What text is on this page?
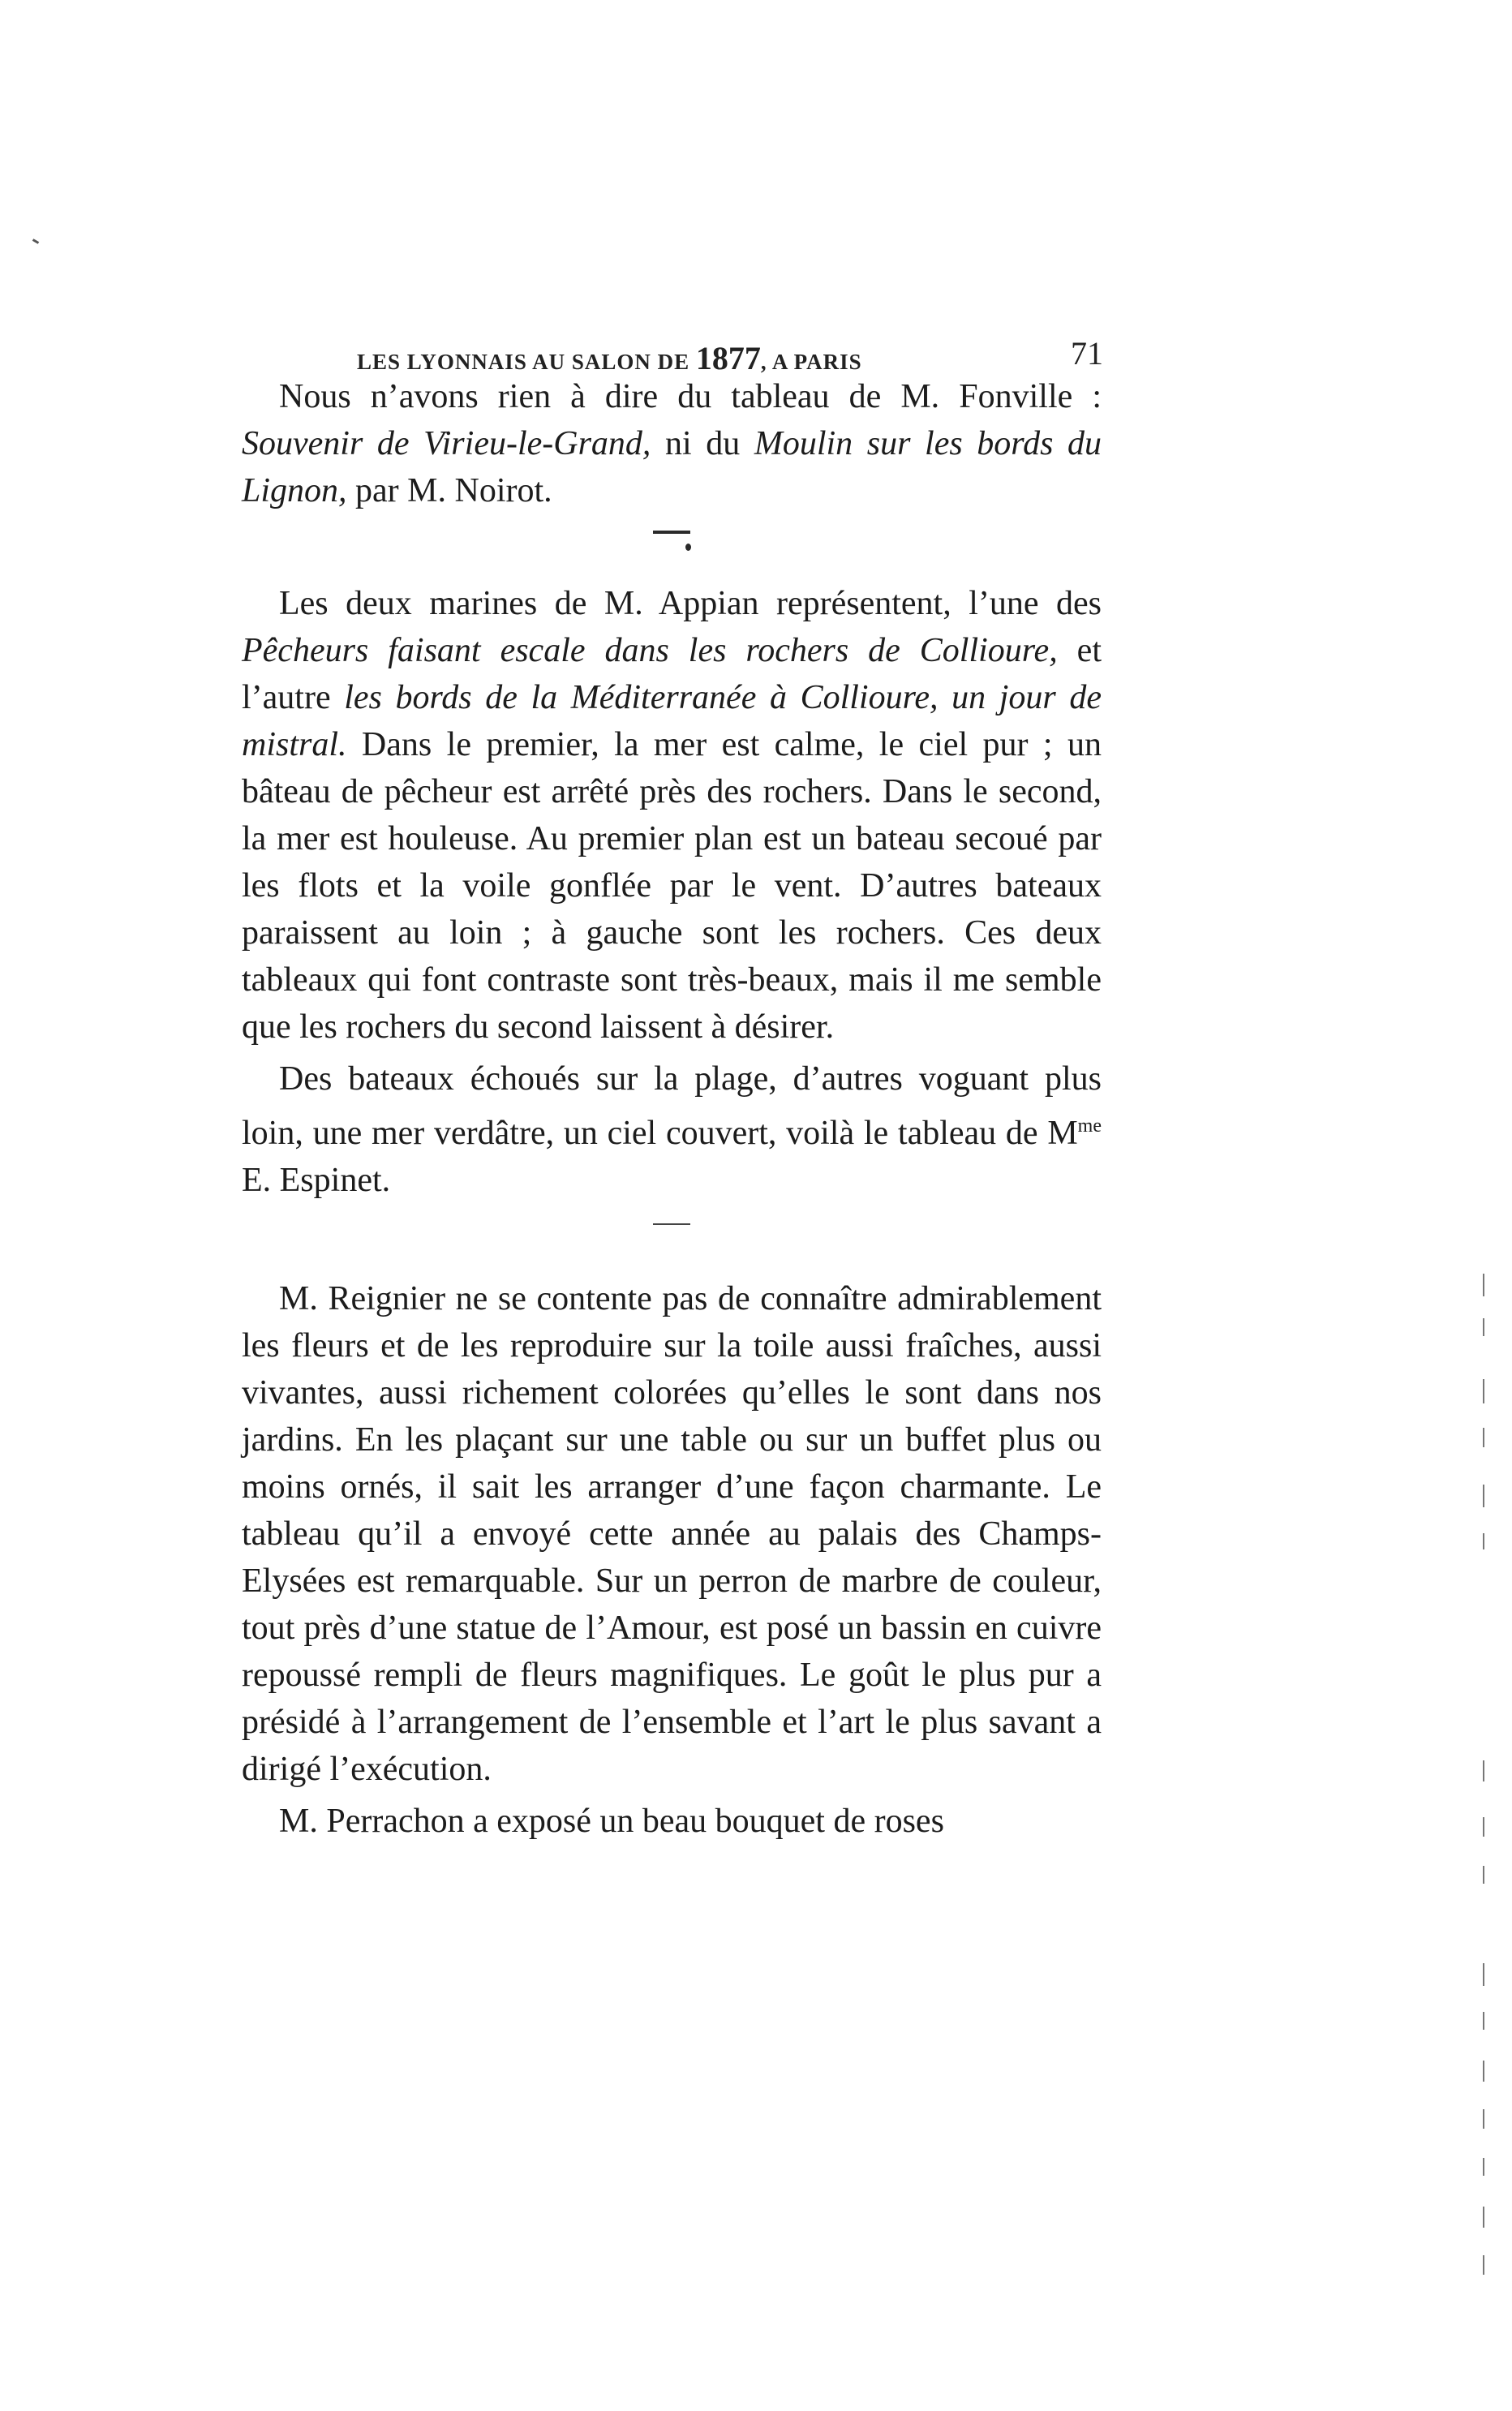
LES LYONNAIS AU SALON DE 1877, A PARIS	71

Nous n’avons rien à dire du tableau de M. Fonville : Souvenir de Virieu-le-Grand, ni du Moulin sur les bords du Lignon, par M. Noirot.

Les deux marines de M. Appian représentent, l’une des Pêcheurs faisant escale dans les rochers de Collioure, et l’autre les bords de la Méditerranée à Collioure, un jour de mistral. Dans le premier, la mer est calme, le ciel pur ; un bâteau de pêcheur est arrêté près des rochers. Dans le second, la mer est houleuse. Au premier plan est un bateau secoué par les flots et la voile gonflée par le vent. D’autres bateaux paraissent au loin ; à gauche sont les rochers. Ces deux tableaux qui font contraste sont très-beaux, mais il me semble que les rochers du second laissent à désirer.

Des bateaux échoués sur la plage, d’autres voguant plus loin, une mer verdâtre, un ciel couvert, voilà le tableau de $M^{me}$ E. Espinet.

M. Reignier ne se contente pas de connaître admirablement les fleurs et de les reproduire sur la toile aussi fraîches, aussi vivantes, aussi richement colorées qu’elles le sont dans nos jardins. En les plaçant sur une table ou sur un buffet plus ou moins ornés, il sait les arranger d’une façon charmante. Le tableau qu’il a envoyé cette année au palais des Champs-Elysées est remarquable. Sur un perron de marbre de couleur, tout près d’une statue de l’Amour, est posé un bassin en cuivre repoussé rempli de fleurs magnifiques. Le goût le plus pur a présidé à l’arrangement de l’ensemble et l’art le plus savant a dirigé l’exécution.

M. Perrachon a exposé un beau bouquet de roses
